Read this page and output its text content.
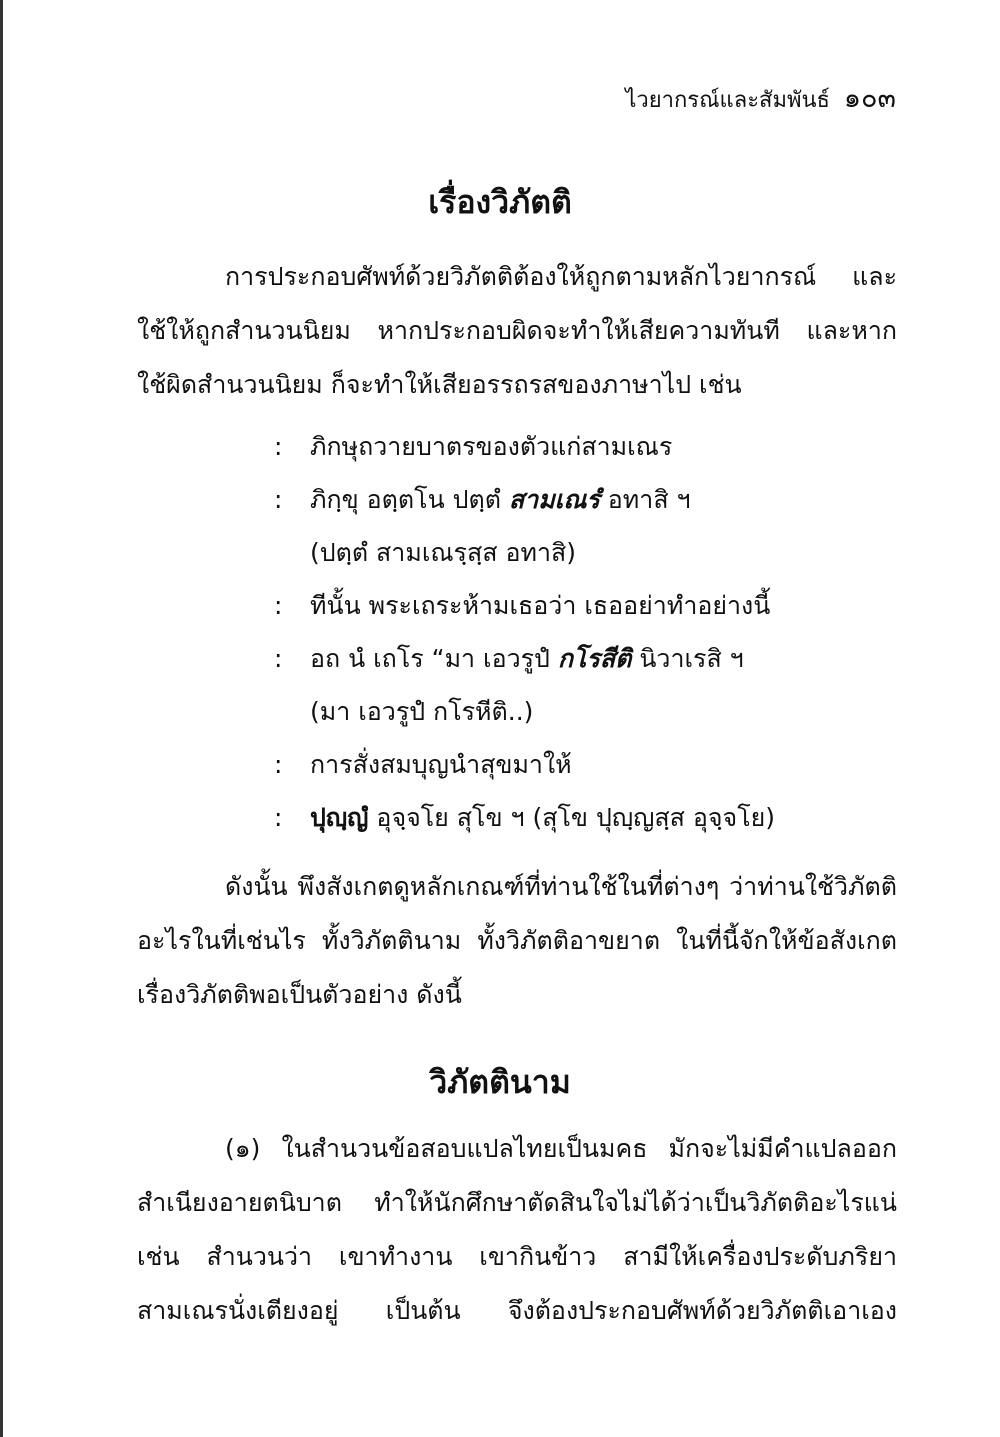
ไวยากรณ์และสัมพันธ์ ๑๐๓
เรื่องวิภัตติ

การประกอบศัพท์ด้วยวิภัตติต้องให้ถูกตามหลักไวยากรณ์ และ
ใช้ให้ถูกสำนวนนิยม หากประกอบผิดจะทำให้เสียความทันที และหาก
ใช้ผิดสำนวนนิยม ก็จะทำให้เสียอรรถรสของภาษาไป เช่น

: ภิกษุถวายบาตรของตัวแก่สามเณร
: ภิกฺขุ อตฺตโน ปตฺตํ สามเณรํ อทาสิ ฯ
(ปตฺตํ สามเณรฺสฺส อทาสิ)
: ทีนั้น พระเถระห้ามเธอว่า เธออย่าทำอย่างนี้
: อถ นํ เถโร “มา เอวรูปํ กโรสีติ นิวาเรสิ ฯ
(มา เอวรูปํ กโรหีติ..)
: การสั่งสมบุญนำสุขมาให้
: ปุญฺญํ อุจฺจโย สุโข ฯ (สุโข ปุญฺญสฺส อุจฺจโย)

ดังนั้น พึงสังเกตดูหลักเกณฑ์ที่ท่านใช้ในที่ต่างๆ ว่าท่านใช้วิภัตติ
อะไรในที่เช่นไร ทั้งวิภัตตินาม ทั้งวิภัตติอาขยาต ในที่นี้จักให้ข้อสังเกต
เรื่องวิภัตติพอเป็นตัวอย่าง ดังนี้

วิภัตตินาม

(๑) ในสำนวนข้อสอบแปลไทยเป็นมคธ มักจะไม่มีคำแปลออก
สำเนียงอายตนิบาต ทำให้นักศึกษาตัดสินใจไม่ได้ว่าเป็นวิภัตติอะไรแน่
เช่น สำนวนว่า เขาทำงาน เขากินข้าว สามีให้เครื่องประดับภริยา
สามเณรนั่งเตียงอยู่ เป็นต้น จึงต้องประกอบศัพท์ด้วยวิภัตติเอาเอง
